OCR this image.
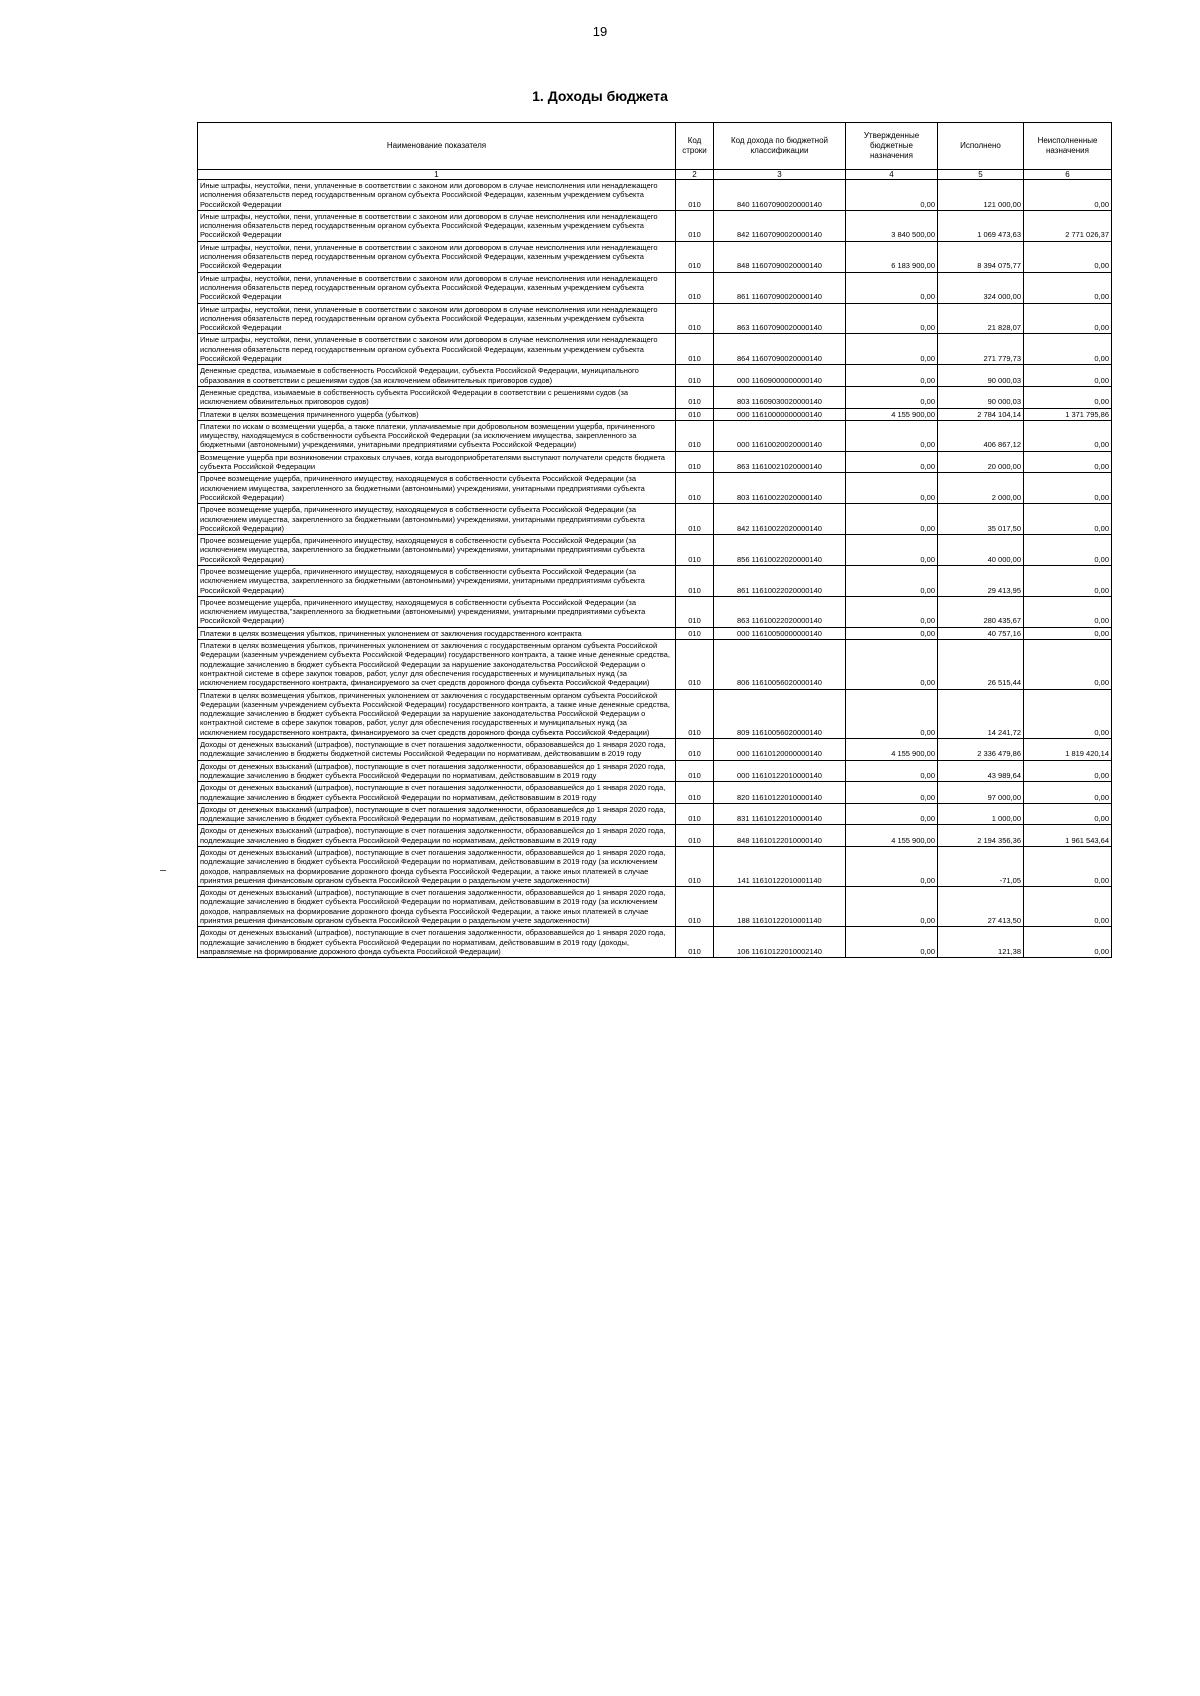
19
1. Доходы бюджета
Наименование показателя	Код строки	Код дохода по бюджетной классификации	Утвержденные бюджетные назначения	Исполнено	Неисполненные назначения
1	2	3	4	5	6
Иные штрафы, неустойки, пени, уплаченные в соответствии с законом или договором в случае неисполнения или ненадлежащего исполнения обязательств перед государственным органом субъекта Российской Федерации, казенным учреждением субъекта Российской Федерации	010	840 11607090020000140	0,00	121 000,00	0,00
Иные штрафы, неустойки, пени, уплаченные в соответствии с законом или договором в случае неисполнения или ненадлежащего исполнения обязательств перед государственным органом субъекта Российской Федерации, казенным учреждением субъекта Российской Федерации	010	842 11607090020000140	3 840 500,00	1 069 473,63	2 771 026,37
Иные штрафы, неустойки, пени, уплаченные в соответствии с законом или договором в случае неисполнения или ненадлежащего исполнения обязательств перед государственным органом субъекта Российской Федерации, казенным учреждением субъекта Российской Федерации	010	848 11607090020000140	6 183 900,00	8 394 075,77	0,00
Иные штрафы, неустойки, пени, уплаченные в соответствии с законом или договором в случае неисполнения или ненадлежащего исполнения обязательств перед государственным органом субъекта Российской Федерации, казенным учреждением субъекта Российской Федерации	010	861 11607090020000140	0,00	324 000,00	0,00
Иные штрафы, неустойки, пени, уплаченные в соответствии с законом или договором в случае неисполнения или ненадлежащего исполнения обязательств перед государственным органом субъекта Российской Федерации, казенным учреждением субъекта Российской Федерации	010	863 11607090020000140	0,00	21 828,07	0,00
Иные штрафы, неустойки, пени, уплаченные в соответствии с законом или договором в случае неисполнения или ненадлежащего исполнения обязательств перед государственным органом субъекта Российской Федерации, казенным учреждением субъекта Российской Федерации	010	864 11607090020000140	0,00	271 779,73	0,00
Денежные средства, изымаемые в собственность Российской Федерации, субъекта Российской Федерации, муниципального образования в соответствии с решениями судов (за исключением обвинительных приговоров судов)	010	000 11609000000000140	0,00	90 000,03	0,00
Денежные средства, изымаемые в собственность субъекта Российской Федерации в соответствии с решениями судов (за исключением обвинительных приговоров судов)	010	803 11609030020000140	0,00	90 000,03	0,00
Платежи в целях возмещения причиненного ущерба (убытков)	010	000 11610000000000140	4 155 900,00	2 784 104,14	1 371 795,86
Платежи по искам о возмещении ущерба, а также платежи, уплачиваемые при добровольном возмещении ущерба, причиненного имуществу, находящемуся в собственности субъекта Российской Федерации (за исключением имущества, закрепленного за бюджетными (автономными) учреждениями, унитарными предприятиями субъекта Российской Федерации)	010	000 11610020020000140	0,00	406 867,12	0,00
Возмещение ущерба при возникновении страховых случаев, когда выгодоприобретателями выступают получатели средств бюджета субъекта Российской Федерации	010	863 11610021020000140	0,00	20 000,00	0,00
Прочее возмещение ущерба, причиненного имуществу, находящемуся в собственности субъекта Российской Федерации (за исключением имущества, закрепленного за бюджетными (автономными) учреждениями, унитарными предприятиями субъекта Российской Федерации)	010	803 11610022020000140	0,00	2 000,00	0,00
Прочее возмещение ущерба, причиненного имуществу, находящемуся в собственности субъекта Российской Федерации (за исключением имущества, закрепленного за бюджетными (автономными) учреждениями, унитарными предприятиями субъекта Российской Федерации)	010	842 11610022020000140	0,00	35 017,50	0,00
Прочее возмещение ущерба, причиненного имуществу, находящемуся в собственности субъекта Российской Федерации (за исключением имущества, закрепленного за бюджетными (автономными) учреждениями, унитарными предприятиями субъекта Российской Федерации)	010	856 11610022020000140	0,00	40 000,00	0,00
Прочее возмещение ущерба, причиненного имуществу, находящемуся в собственности субъекта Российской Федерации (за исключением имущества, закрепленного за бюджетными (автономными) учреждениями, унитарными предприятиями субъекта Российской Федерации)	010	861 11610022020000140	0,00	29 413,95	0,00
Прочее возмещение ущерба, причиненного имуществу, находящемуся в собственности субъекта Российской Федерации (за исключением имущества,"закрепленного за бюджетными (автономными) учреждениями, унитарными предприятиями субъекта Российской Федерации)	010	863 11610022020000140	0,00	280 435,67	0,00
Платежи в целях возмещения убытков, причиненных уклонением от заключения государственного контракта	010	000 11610050000000140	0,00	40 757,16	0,00
Платежи в целях возмещения убытков, причиненных уклонением от заключения с государственным органом субъекта Российской Федерации (казенным учреждением субъекта Российской Федерации) государственного контракта, а также иные денежные средства, подлежащие зачислению в бюджет субъекта Российской Федерации за нарушение законодательства Российской Федерации о контрактной системе в сфере закупок товаров, работ, услуг для обеспечения государственных и муниципальных нужд (за исключением государственного контракта, финансируемого за счет средств дорожного фонда субъекта Российской Федерации)	010	806 11610056020000140	0,00	26 515,44	0,00
Платежи в целях возмещения убытков, причиненных уклонением от заключения с государственным органом субъекта Российской Федерации (казенным учреждением субъекта Российской Федерации) государственного контракта, а также иные денежные средства, подлежащие зачислению в бюджет субъекта Российской Федерации за нарушение законодательства Российской Федерации о контрактной системе в сфере закупок товаров, работ, услуг для обеспечения государственных и муниципальных нужд (за исключением государственного контракта, финансируемого за счет средств дорожного фонда субъекта Российской Федерации)	010	809 11610056020000140	0,00	14 241,72	0,00
Доходы от денежных взысканий (штрафов), поступающие в счет погашения задолженности, образовавшейся до 1 января 2020 года, подлежащие зачислению в бюджеты бюджетной системы Российской Федерации по нормативам, действовавшим в 2019 году	010	000 11610120000000140	4 155 900,00	2 336 479,86	1 819 420,14
Доходы от денежных взысканий (штрафов), поступающие в счет погашения задолженности, образовавшейся до 1 января 2020 года, подлежащие зачислению в бюджет субъекта Российской Федерации по нормативам, действовавшим в 2019 году	010	000 11610122010000140	0,00	43 989,64	0,00
Доходы от денежных взысканий (штрафов), поступающие в счет погашения задолженности, образовавшейся до 1 января 2020 года, подлежащие зачислению в бюджет субъекта Российской Федерации по нормативам, действовавшим в 2019 году	010	820 11610122010000140	0,00	97 000,00	0,00
Доходы от денежных взысканий (штрафов), поступающие в счет погашения задолженности, образовавшейся до 1 января 2020 года, подлежащие зачислению в бюджет субъекта Российской Федерации по нормативам, действовавшим в 2019 году	010	831 11610122010000140	0,00	1 000,00	0,00
Доходы от денежных взысканий (штрафов), поступающие в счет погашения задолженности, образовавшейся до 1 января 2020 года, подлежащие зачислению в бюджет субъекта Российской Федерации по нормативам, действовавшим в 2019 году	010	848 11610122010000140	4 155 900,00	2 194 356,36	1 961 543,64
Доходы от денежных взысканий (штрафов), поступающие в счет погашения задолженности, образовавшейся до 1 января 2020 года, подлежащие зачислению в бюджет субъекта Российской Федерации по нормативам, действовавшим в 2019 году (за исключением доходов, направляемых на формирование дорожного фонда субъекта Российской Федерации, а также иных платежей в случае принятия решения финансовым органом субъекта Российской Федерации о раздельном учете задолженности)	010	141 11610122010001140	0,00	-71,05	0,00
Доходы от денежных взысканий (штрафов), поступающие в счет погашения задолженности, образовавшейся до 1 января 2020 года, подлежащие зачислению в бюджет субъекта Российской Федерации по нормативам, действовавшим в 2019 году (за исключением доходов, направляемых на формирование дорожного фонда субъекта Российской Федерации, а также иных платежей в случае принятия решения финансовым органом субъекта Российской Федерации о раздельном учете задолженности)	010	188 11610122010001140	0,00	27 413,50	0,00
Доходы от денежных взысканий (штрафов), поступающие в счет погашения задолженности, образовавшейся до 1 января 2020 года, подлежащие зачислению в бюджет субъекта Российской Федерации по нормативам, действовавшим в 2019 году (доходы, направляемые на формирование дорожного фонда субъекта Российской Федерации)	010	106 11610122010002140	0,00	121,38	0,00
